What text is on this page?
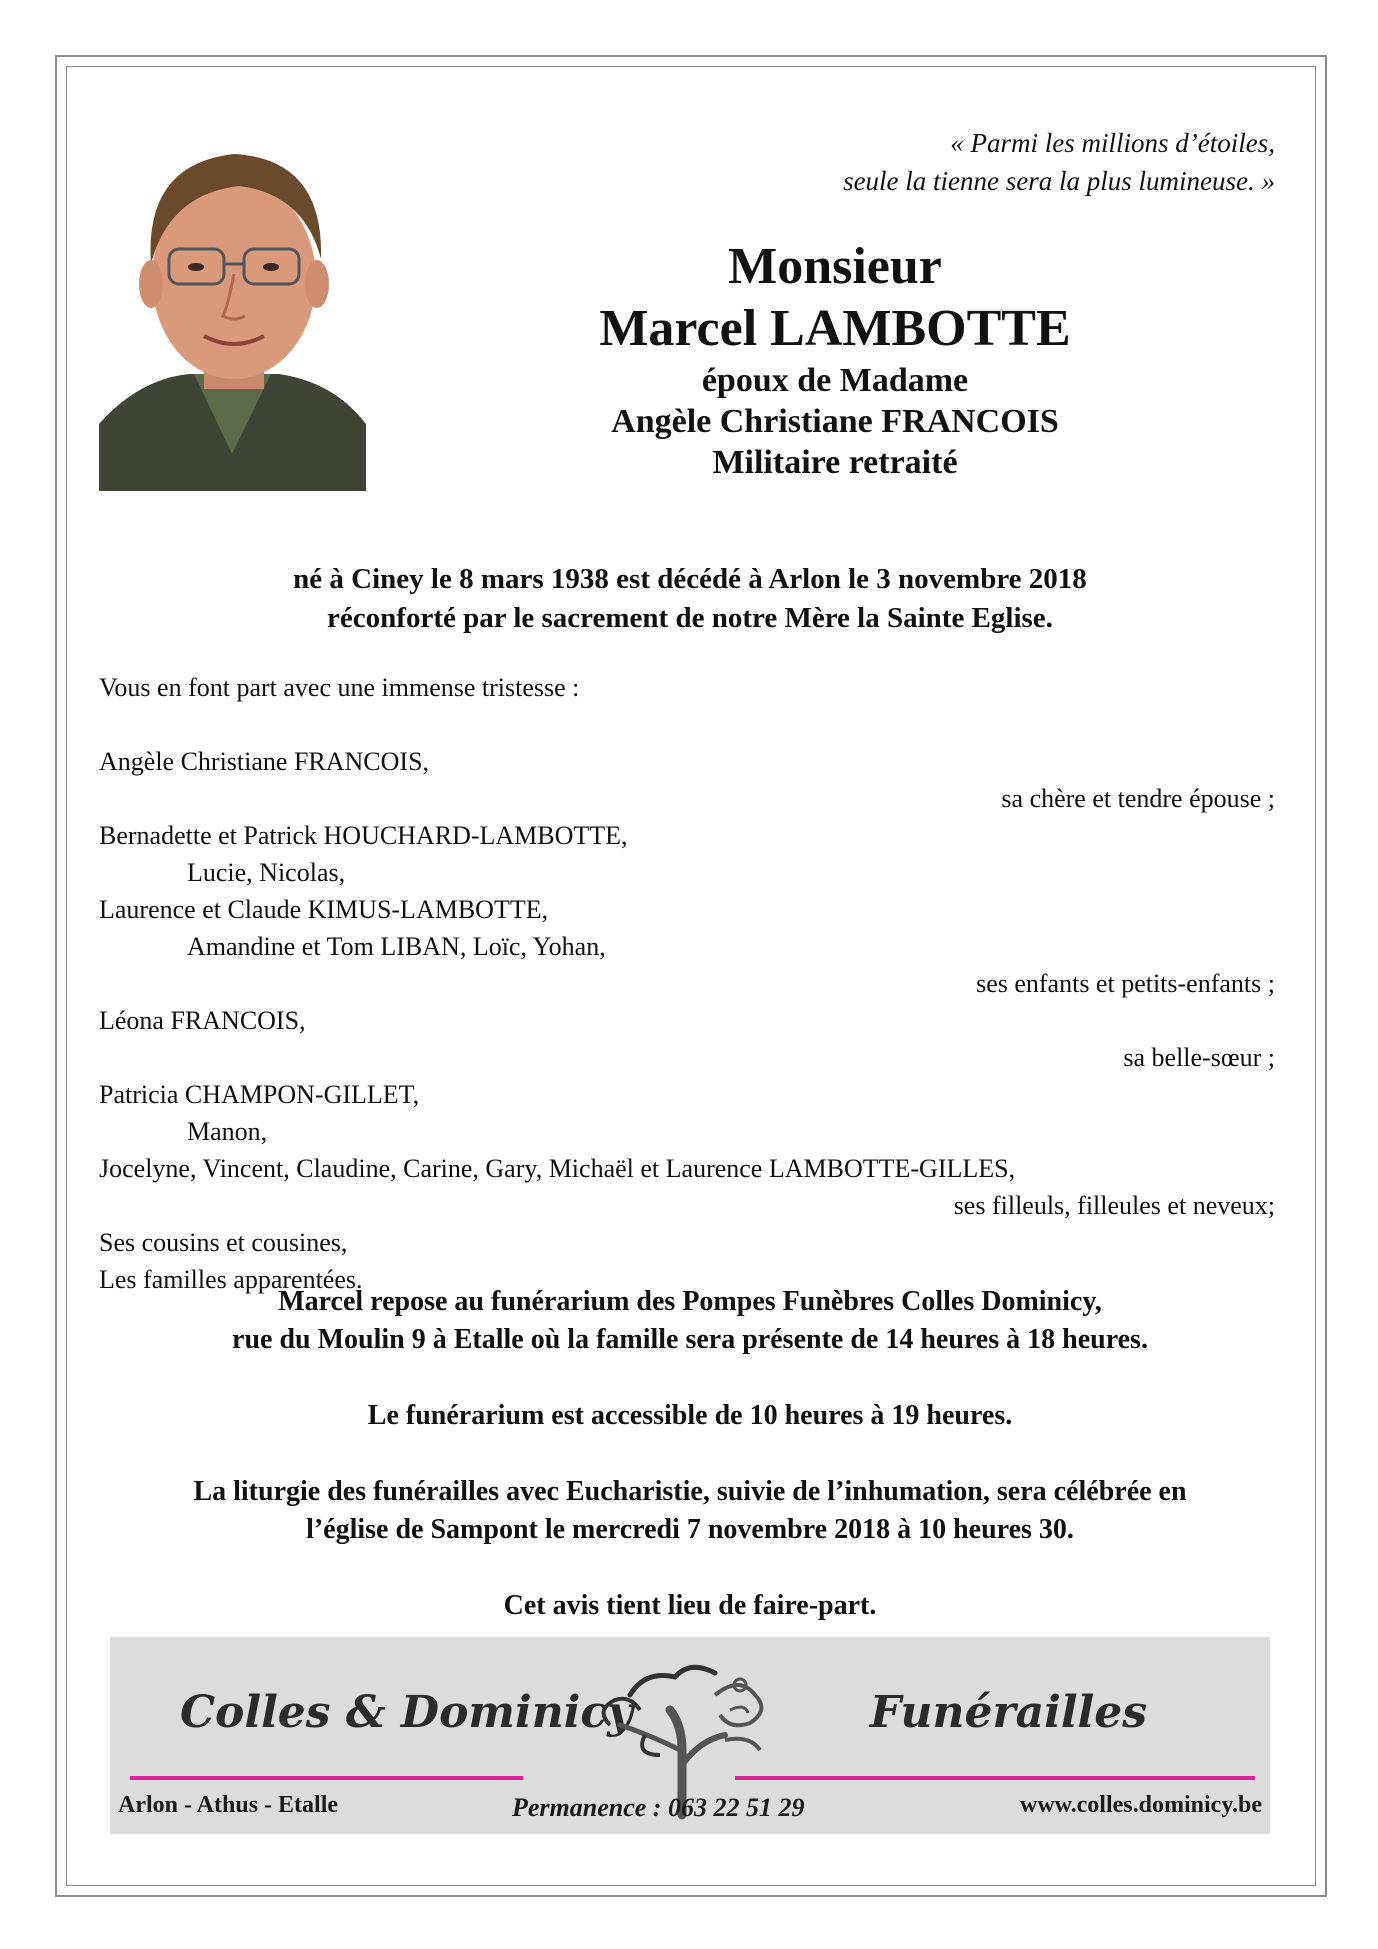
« Parmi les millions d’étoiles,
seule la tienne sera la plus lumineuse. »
Monsieur
Marcel LAMBOTTE
époux de Madame
Angèle Christiane FRANCOIS
Militaire retraité
né à Ciney le 8 mars 1938 est décédé à Arlon le 3 novembre 2018
réconforté par le sacrement de notre Mère la Sainte Eglise.
Vous en font part avec une immense tristesse :
Angèle Christiane FRANCOIS,
sa chère et tendre épouse ;
Bernadette et Patrick HOUCHARD-LAMBOTTE,
Lucie, Nicolas,
Laurence et Claude KIMUS-LAMBOTTE,
Amandine et Tom LIBAN, Loïc, Yohan,
ses enfants et petits-enfants ;
Léona FRANCOIS,
sa belle-sœur ;
Patricia CHAMPON-GILLET,
Manon,
Jocelyne, Vincent, Claudine, Carine, Gary, Michaël et Laurence LAMBOTTE-GILLES,
ses filleuls, filleules et neveux;
Ses cousins et cousines,
Les familles apparentées.
Marcel repose au funérarium des Pompes Funèbres Colles Dominicy,
rue du Moulin 9 à Etalle où la famille sera présente de 14 heures à 18 heures.
Le funérarium est accessible de 10 heures à 19 heures.
La liturgie des funérailles avec Eucharistie, suivie de l’inhumation, sera célébrée en
l’église de Sampont le mercredi 7 novembre 2018 à 10 heures 30.
Cet avis tient lieu de faire-part.
Colles & Dominicy	Funérailles
Arlon - Athus - Etalle	Permanence : 063 22 51 29	www.colles.dominicy.be
